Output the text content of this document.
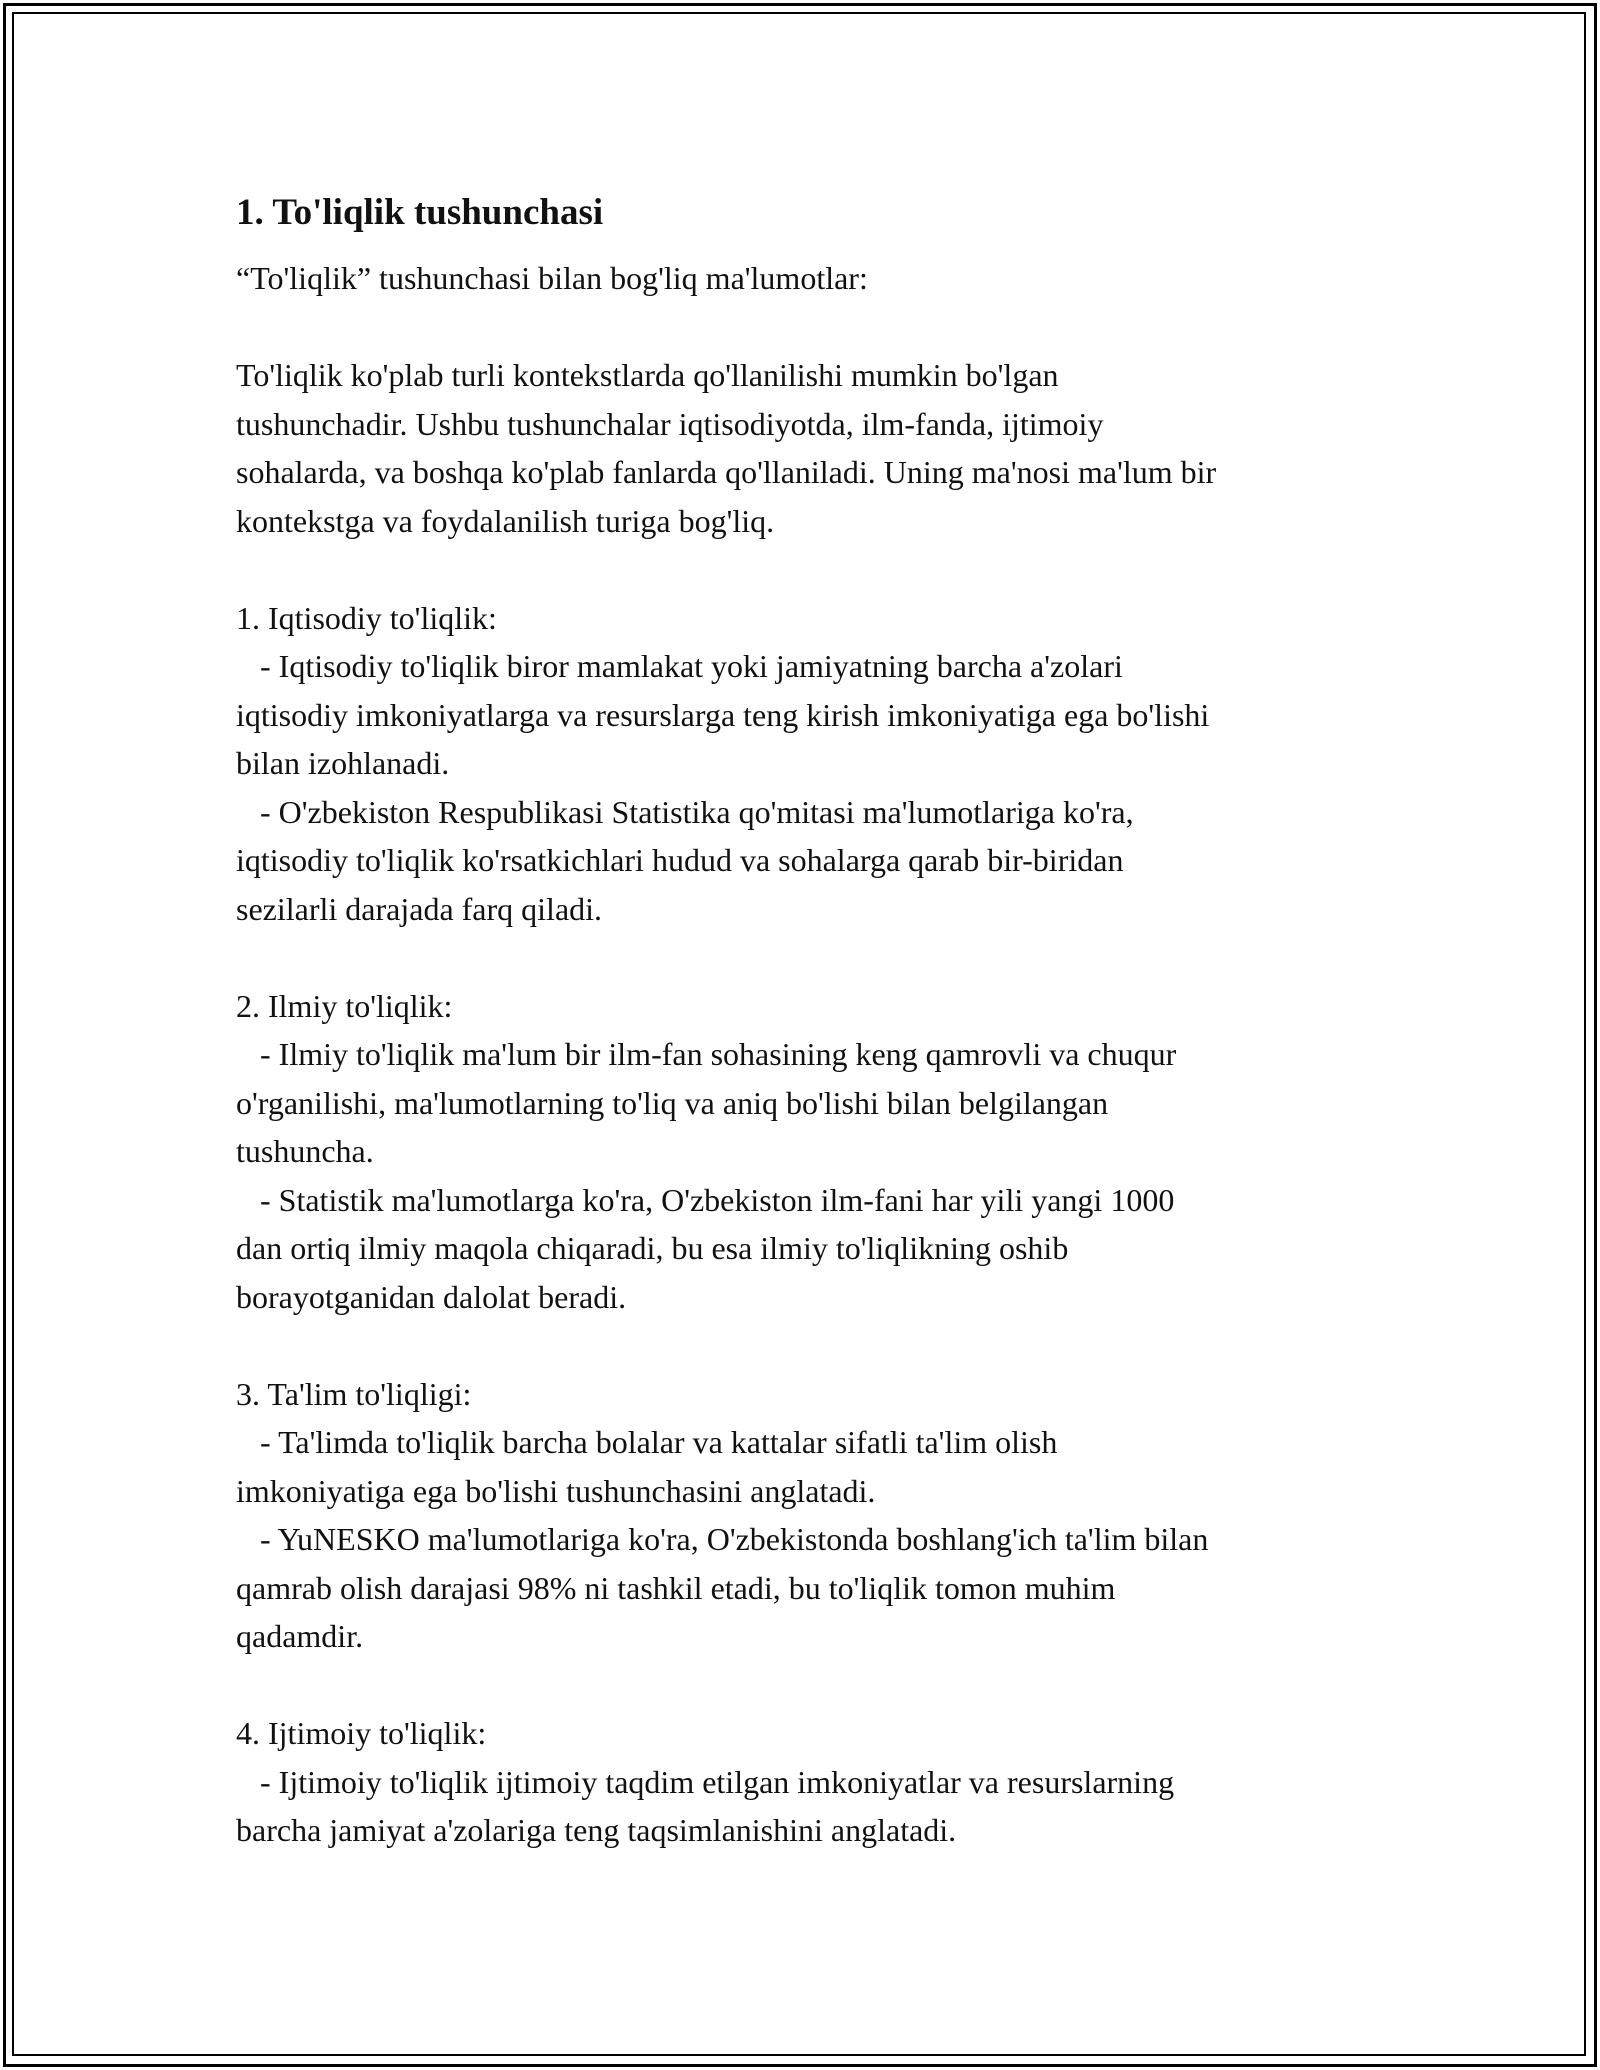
1. To'liqlik tushunchasi

“To'liqlik” tushunchasi bilan bog'liq ma'lumotlar:

To'liqlik ko'plab turli kontekstlarda qo'llanilishi mumkin bo'lgan
tushunchadir. Ushbu tushunchalar iqtisodiyotda, ilm-fanda, ijtimoiy
sohalarda, va boshqa ko'plab fanlarda qo'llaniladi. Uning ma'nosi ma'lum bir
kontekstga va foydalanilish turiga bog'liq.

1. Iqtisodiy to'liqlik:

- Iqtisodiy to'liqlik biror mamlakat yoki jamiyatning barcha a'zolari
iqtisodiy imkoniyatlarga va resurslarga teng kirish imkoniyatiga ega bo'lishi
bilan izohlanadi.

- O'zbekiston Respublikasi Statistika qo'mitasi ma'lumotlariga ko'ra,
iqtisodiy to'liqlik ko'rsatkichlari hudud va sohalarga qarab bir-biridan
sezilarli darajada farq qiladi.

2. Ilmiy to'liqlik:

- Ilmiy to'liqlik ma'lum bir ilm-fan sohasining keng qamrovli va chuqur
o'rganilishi, ma'lumotlarning to'liq va aniq bo'lishi bilan belgilangan
tushuncha.

- Statistik ma'lumotlarga ko'ra, O'zbekiston ilm-fani har yili yangi 1000
dan ortiq ilmiy maqola chiqaradi, bu esa ilmiy to'liqlikning oshib
borayotganidan dalolat beradi.

3. Ta'lim to'liqligi:

- Ta'limda to'liqlik barcha bolalar va kattalar sifatli ta'lim olish
imkoniyatiga ega bo'lishi tushunchasini anglatadi.

- YuNESKO ma'lumotlariga ko'ra, O'zbekistonda boshlang'ich ta'lim bilan
qamrab olish darajasi 98% ni tashkil etadi, bu to'liqlik tomon muhim
qadamdir.

4. Ijtimoiy to'liqlik:

- Ijtimoiy to'liqlik ijtimoiy taqdim etilgan imkoniyatlar va resurslarning
barcha jamiyat a'zolariga teng taqsimlanishini anglatadi.
